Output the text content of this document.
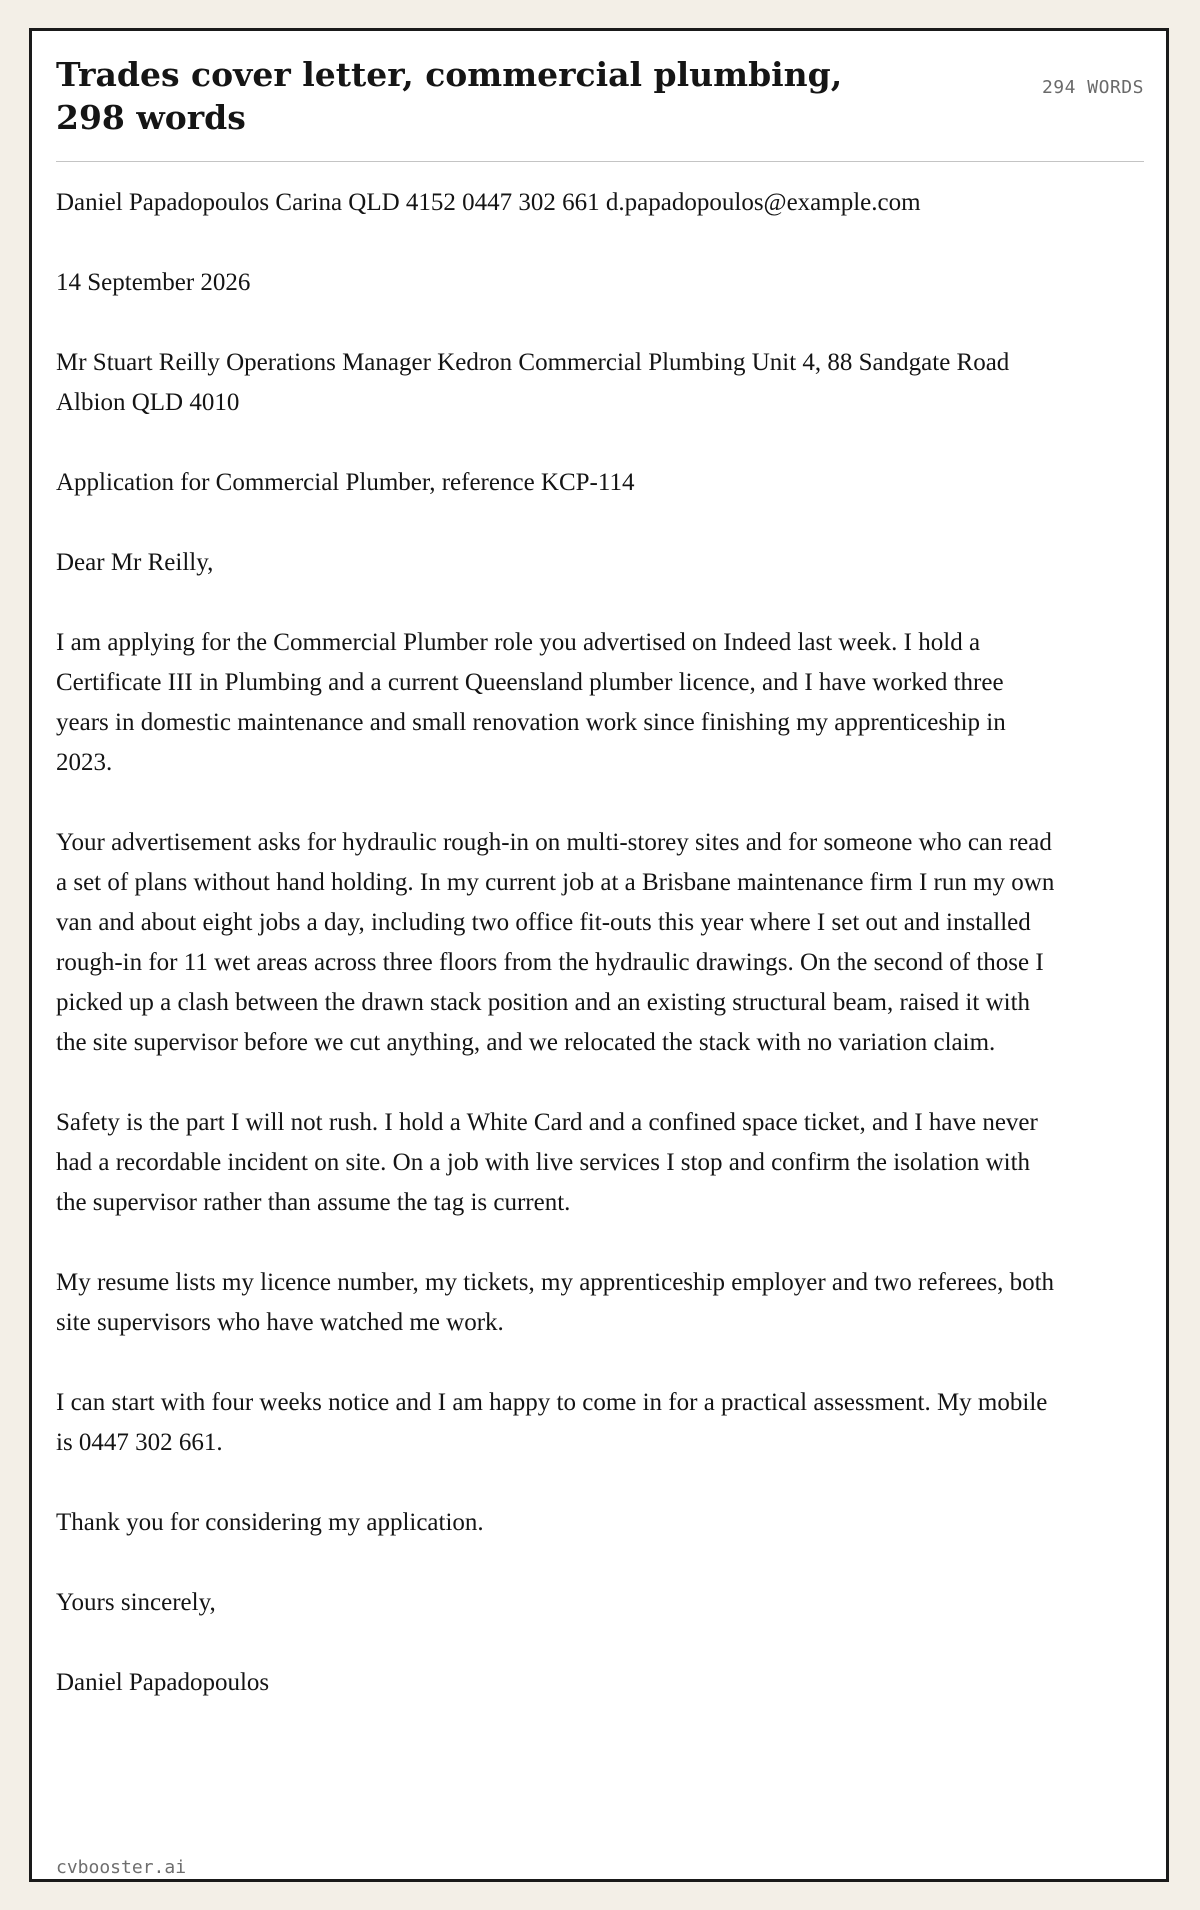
Trades cover letter, commercial plumbing, 298 words
294 WORDS

Daniel Papadopoulos Carina QLD 4152 0447 302 661 d.papadopoulos@example.com

14 September 2026

Mr Stuart Reilly Operations Manager Kedron Commercial Plumbing Unit 4, 88 Sandgate Road Albion QLD 4010

Application for Commercial Plumber, reference KCP-114

Dear Mr Reilly,

I am applying for the Commercial Plumber role you advertised on Indeed last week. I hold a Certificate III in Plumbing and a current Queensland plumber licence, and I have worked three years in domestic maintenance and small renovation work since finishing my apprenticeship in 2023.

Your advertisement asks for hydraulic rough-in on multi-storey sites and for someone who can read a set of plans without hand holding. In my current job at a Brisbane maintenance firm I run my own van and about eight jobs a day, including two office fit-outs this year where I set out and installed rough-in for 11 wet areas across three floors from the hydraulic drawings. On the second of those I picked up a clash between the drawn stack position and an existing structural beam, raised it with the site supervisor before we cut anything, and we relocated the stack with no variation claim.

Safety is the part I will not rush. I hold a White Card and a confined space ticket, and I have never had a recordable incident on site. On a job with live services I stop and confirm the isolation with the supervisor rather than assume the tag is current.

My resume lists my licence number, my tickets, my apprenticeship employer and two referees, both site supervisors who have watched me work.

I can start with four weeks notice and I am happy to come in for a practical assessment. My mobile is 0447 302 661.

Thank you for considering my application.

Yours sincerely,

Daniel Papadopoulos

cvbooster.ai
